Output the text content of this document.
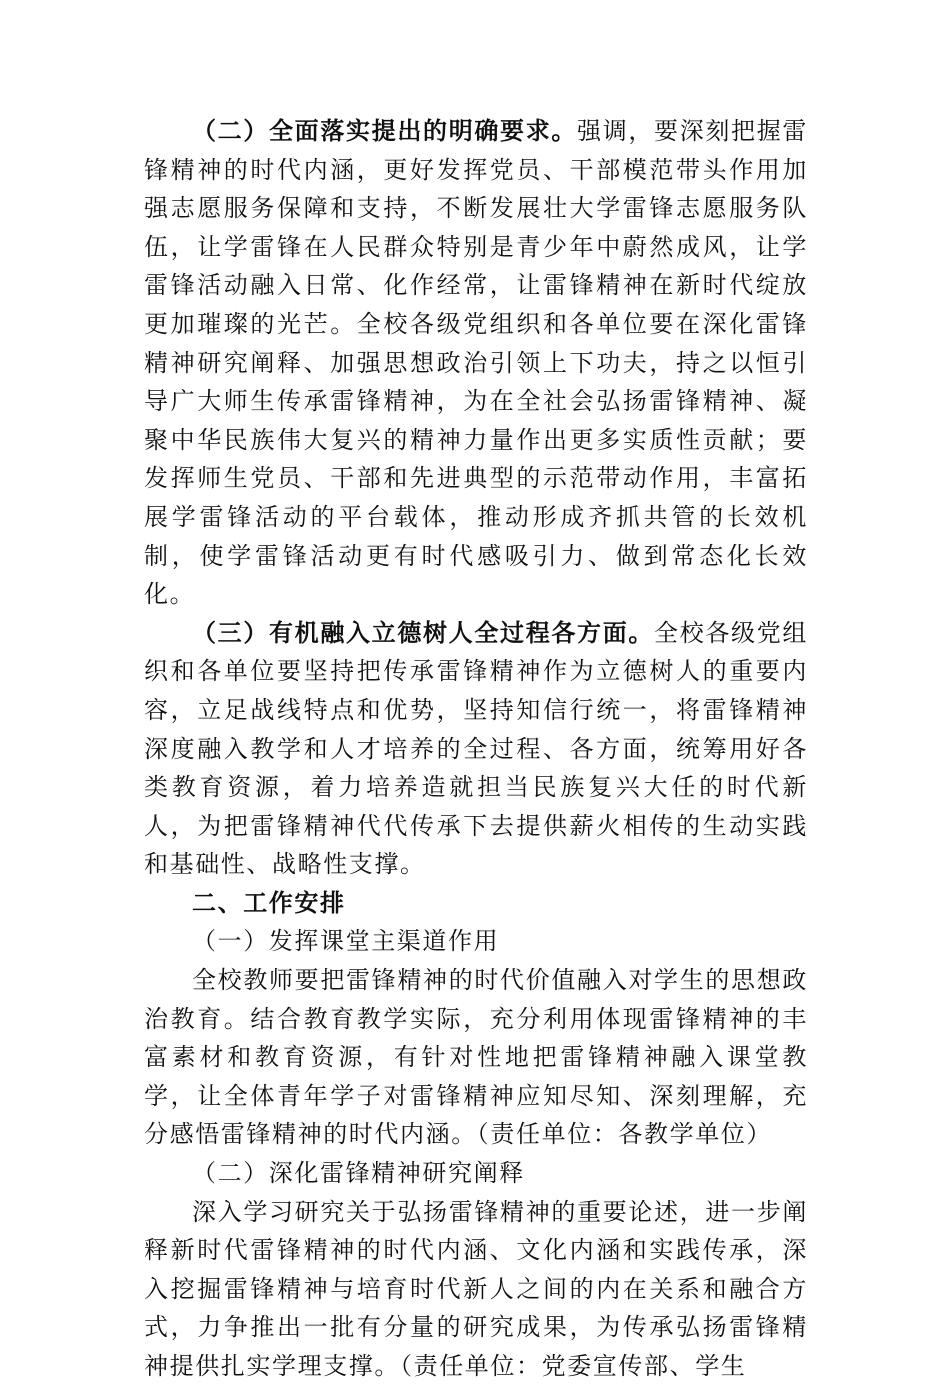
（二）全面落实提出的明确要求。强调，要深刻把握雷锋精神的时代内涵，更好发挥党员、干部模范带头作用加强志愿服务保障和支持，不断发展壮大学雷锋志愿服务队伍，让学雷锋在人民群众特别是青少年中蔚然成风，让学雷锋活动融入日常、化作经常，让雷锋精神在新时代绽放更加璀璨的光芒。全校各级党组织和各单位要在深化雷锋精神研究阐释、加强思想政治引领上下功夫，持之以恒引导广大师生传承雷锋精神，为在全社会弘扬雷锋精神、凝聚中华民族伟大复兴的精神力量作出更多实质性贡献；要发挥师生党员、干部和先进典型的示范带动作用，丰富拓展学雷锋活动的平台载体，推动形成齐抓共管的长效机制，使学雷锋活动更有时代感吸引力、做到常态化长效化。

（三）有机融入立德树人全过程各方面。全校各级党组织和各单位要坚持把传承雷锋精神作为立德树人的重要内容，立足战线特点和优势，坚持知信行统一，将雷锋精神深度融入教学和人才培养的全过程、各方面，统筹用好各类教育资源，着力培养造就担当民族复兴大任的时代新人，为把雷锋精神代代传承下去提供薪火相传的生动实践和基础性、战略性支撑。

二、工作安排

（一）发挥课堂主渠道作用

全校教师要把雷锋精神的时代价值融入对学生的思想政治教育。结合教育教学实际，充分利用体现雷锋精神的丰富素材和教育资源，有针对性地把雷锋精神融入课堂教学，让全体青年学子对雷锋精神应知尽知、深刻理解，充分感悟雷锋精神的时代内涵。（责任单位：各教学单位）

（二）深化雷锋精神研究阐释

深入学习研究关于弘扬雷锋精神的重要论述，进一步阐释新时代雷锋精神的时代内涵、文化内涵和实践传承，深入挖掘雷锋精神与培育时代新人之间的内在关系和融合方式，力争推出一批有分量的研究成果，为传承弘扬雷锋精神提供扎实学理支撑。（责任单位：党委宣传部、学生
